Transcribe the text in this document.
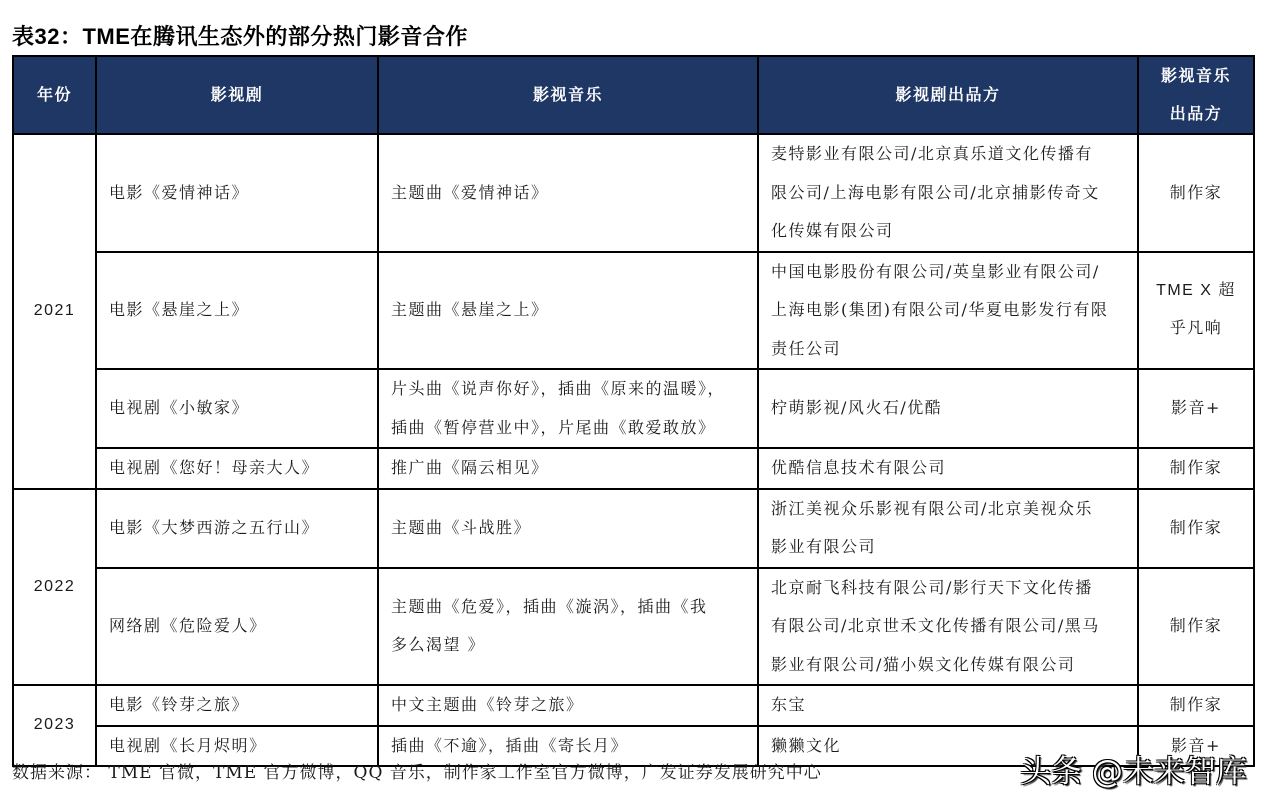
表32：TME在腾讯生态外的部分热门影音合作
年份	影视剧	影视音乐	影视剧出品方	影视音乐
出品方

2021	电影《爱情神话》	主题曲《爱情神话》	麦特影业有限公司/北京真乐道文化传播有
限公司/上海电影有限公司/北京捕影传奇文
化传媒有限公司	制作家

	电影《悬崖之上》	主题曲《悬崖之上》	中国电影股份有限公司/英皇影业有限公司/
上海电影(集团)有限公司/华夏电影发行有限
责任公司	TME X 超
乎凡响

	电视剧《小敏家》	片头曲《说声你好》，插曲《原来的温暖》，
插曲《暂停营业中》，片尾曲《敢爱敢放》	柠萌影视/风火石/优酷	影音+

	电视剧《您好！母亲大人》	推广曲《隔云相见》	优酷信息技术有限公司	制作家

2022	电影《大梦西游之五行山》	主题曲《斗战胜》	浙江美视众乐影视有限公司/北京美视众乐
影业有限公司	制作家

	网络剧《危险爱人》	主题曲《危爱》，插曲《漩涡》，插曲《我
多么渴望 》	北京耐飞科技有限公司/影行天下文化传播
有限公司/北京世禾文化传播有限公司/黑马
影业有限公司/猫小娱文化传媒有限公司	制作家

2023	电影《铃芽之旅》	中文主题曲《铃芽之旅》	东宝	制作家

	电视剧《长月烬明》	插曲《不逾》，插曲《寄长月》	獭獭文化	影音+
数据来源： TME 官微，TME 官方微博，QQ 音乐，制作家工作室官方微博，广发证券发展研究中心	头条 @未来智库
